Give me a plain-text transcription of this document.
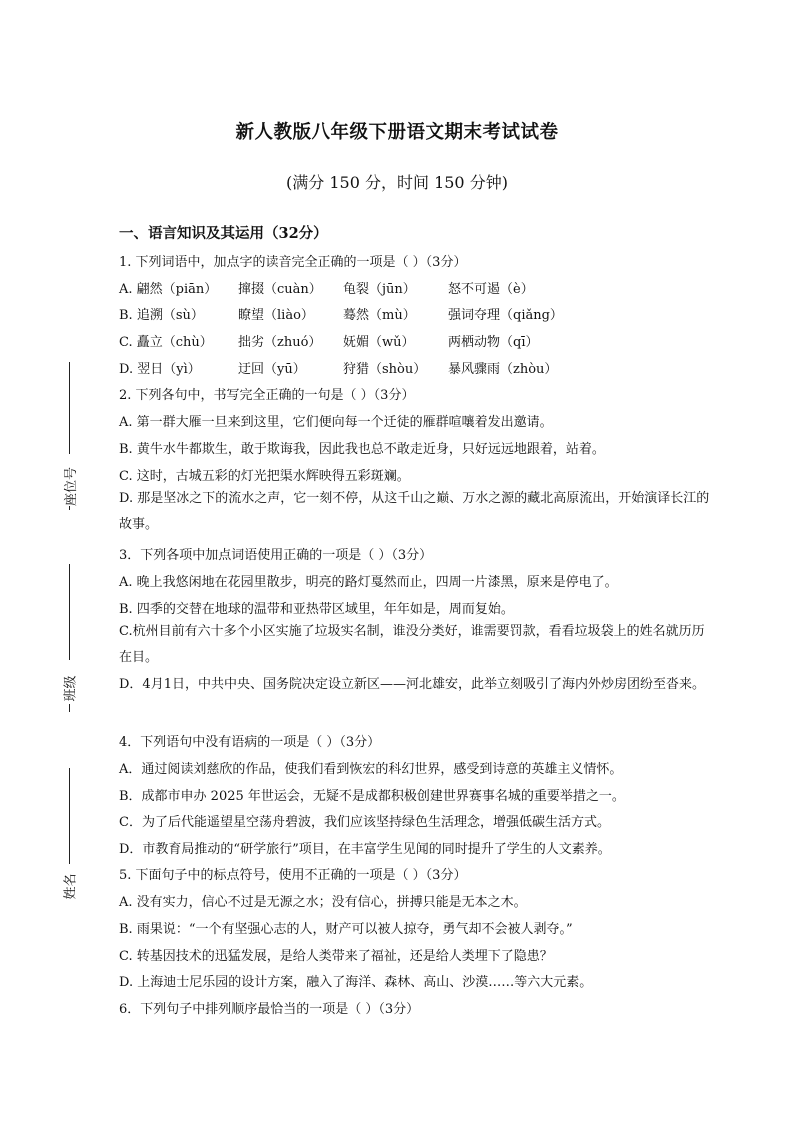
座位号
班级
姓名
新人教版八年级下册语文期末考试试卷
(满分 150 分，时间 150 分钟)
一、语言知识及其运用（32分）
1. 下列词语中，加点字的读音完全正确的一项是（ ）（3分）
A. 翩然（piān） 撺掇（cuàn） 龟裂（jūn） 怒不可遏（è）
B. 追溯（sù）	瞭望（liào） 蓦然（mù） 强词夺理（qiǎng）
C. 矗立（chù） 拙劣（zhuó） 妩媚（wǔ）	两栖动物（qī）
D. 翌日（yì）	迂回（yū）	狩猎（shòu） 暴风骤雨（zhòu）
2. 下列各句中，书写完全正确的一句是（ ）（3分）
A. 第一群大雁一旦来到这里，它们便向每一个迁徒的雁群喧嚷着发出邀请。
B. 黄牛水牛都欺生，敢于欺诲我，因此我也总不敢走近身，只好远远地跟着，站着。
C. 这时，古城五彩的灯光把渠水辉映得五彩斑斓。
D. 那是坚冰之下的流水之声，它一刻不停，从这千山之巅、万水之源的藏北高原流出，开始演译长江的故事。
3．下列各项中加点词语使用正确的一项是（ ）（3分）
A. 晚上我悠闲地在花园里散步，明亮的路灯戛然而止，四周一片漆黑，原来是停电了。
B. 四季的交替在地球的温带和亚热带区域里，年年如是，周而复始。
C.杭州目前有六十多个小区实施了垃圾实名制，谁没分类好，谁需要罚款，看看垃圾袋上的姓名就历历在目。
D．4月1日，中共中央、国务院决定设立新区——河北雄安，此举立刻吸引了海内外炒房团纷至沓来。
4．下列语句中没有语病的一项是（ ）（3分）
A．通过阅读刘慈欣的作品，使我们看到恢宏的科幻世界，感受到诗意的英雄主义情怀。
B．成都市申办 2025 年世运会，无疑不是成都积极创建世界赛事名城的重要举措之一。
C．为了后代能遥望星空荡舟碧波，我们应该坚持绿色生活理念，增强低碳生活方式。
D．市教育局推动的“研学旅行”项目，在丰富学生见闻的同时提升了学生的人文素养。
5. 下面句子中的标点符号，使用不正确的一项是（ ）（3分）
A. 没有实力，信心不过是无源之水；没有信心，拼搏只能是无本之木。
B. 雨果说：“一个有坚强心志的人，财产可以被人掠夺，勇气却不会被人剥夺。”
C. 转基因技术的迅猛发展，是给人类带来了福祉，还是给人类埋下了隐患？
D. 上海迪士尼乐园的设计方案，融入了海洋、森林、高山、沙漠……等六大元素。
6．下列句子中排列顺序最恰当的一项是（ ）（3分）
